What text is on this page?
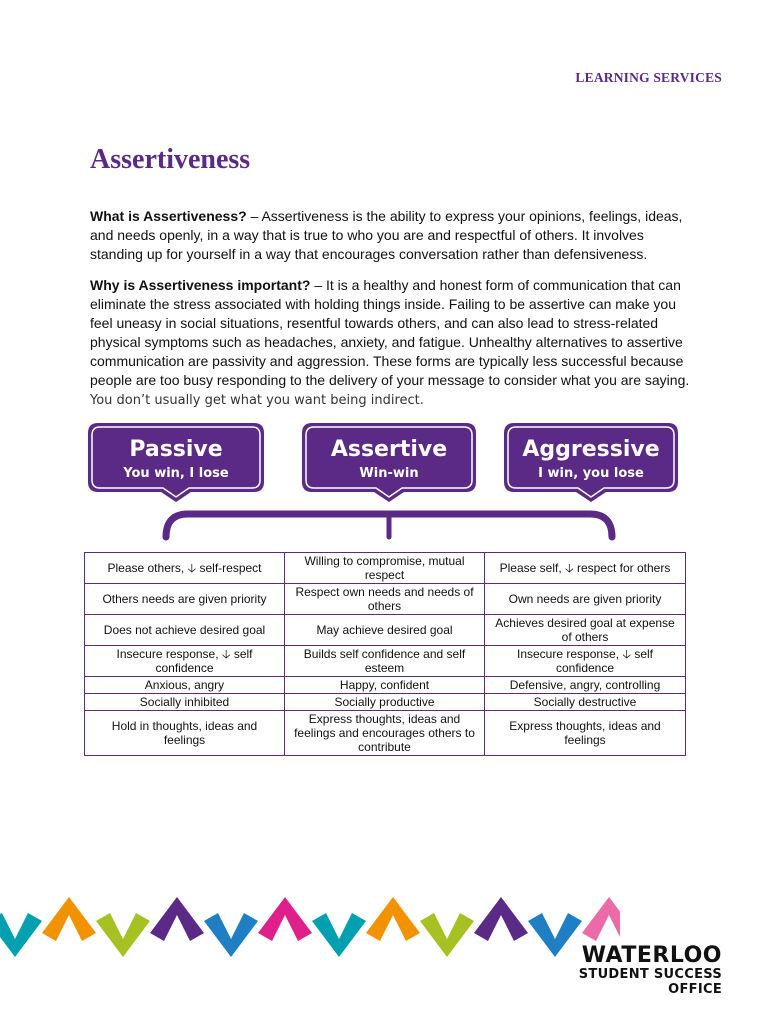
LEARNING SERVICES
Assertiveness

What is Assertiveness? – Assertiveness is the ability to express your opinions, feelings, ideas, and needs openly, in a way that is true to who you are and respectful of others. It involves standing up for yourself in a way that encourages conversation rather than defensiveness.

Why is Assertiveness important? – It is a healthy and honest form of communication that can eliminate the stress associated with holding things inside. Failing to be assertive can make you feel uneasy in social situations, resentful towards others, and can also lead to stress-related physical symptoms such as headaches, anxiety, and fatigue. Unhealthy alternatives to assertive communication are passivity and aggression. These forms are typically less successful because people are too busy responding to the delivery of your message to consider what you are saying. You don’t usually get what you want being indirect.

Passive
You win, I lose
Assertive
Win-win
Aggressive
I win, you lose
Please others, 🡣 self-respect	Willing to compromise, mutual respect	Please self, 🡣 respect for others
Others needs are given priority	Respect own needs and needs of others	Own needs are given priority
Does not achieve desired goal	May achieve desired goal	Achieves desired goal at expense of others
Insecure response, 🡣 self confidence	Builds self confidence and self esteem	Insecure response, 🡣 self confidence
Anxious, angry	Happy, confident	Defensive, angry, controlling
Socially inhibited	Socially productive	Socially destructive
Hold in thoughts, ideas and feelings	Express thoughts, ideas and feelings and encourages others to contribute	Express thoughts, ideas and feelings
WATERLOO
STUDENT SUCCESS
OFFICE
